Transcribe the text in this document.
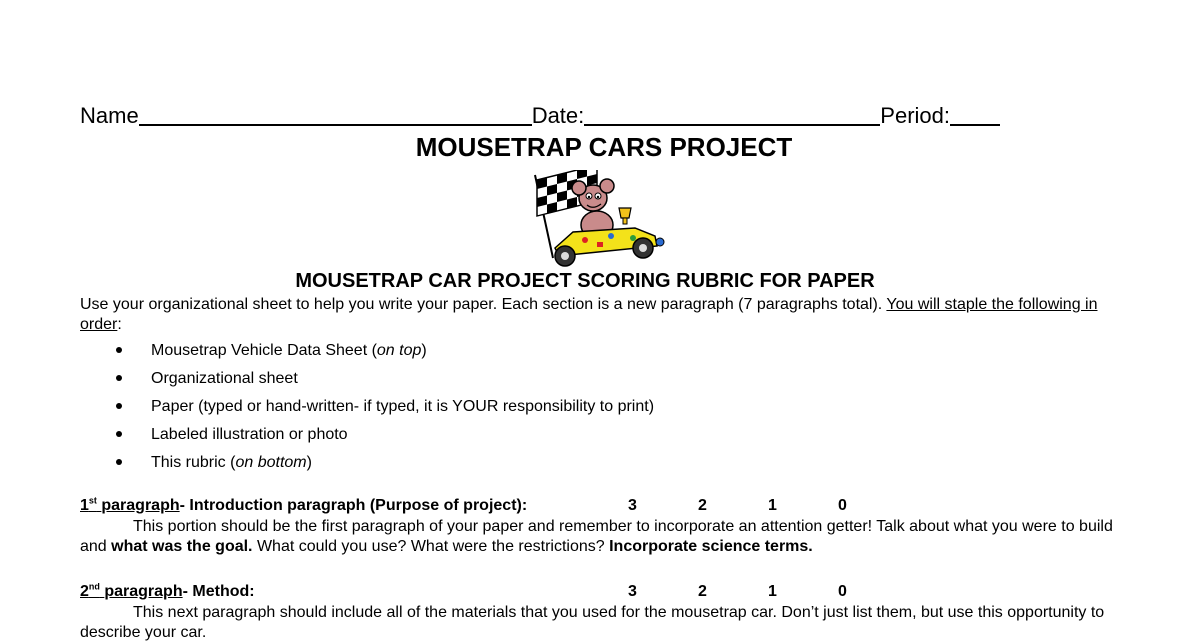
Name	Date:	Period:
MOUSETRAP CARS PROJECT
MOUSETRAP CAR PROJECT SCORING RUBRIC FOR PAPER
Use your organizational sheet to help you write your paper. Each section is a new paragraph (7 paragraphs total). You will staple the following in order:
Mousetrap Vehicle Data Sheet (on top)
Organizational sheet
Paper (typed or hand-written- if typed, it is YOUR responsibility to print)
Labeled illustration or photo
This rubric (on bottom)
1st paragraph- Introduction paragraph (Purpose of project):	3	2	1	0
This portion should be the first paragraph of your paper and remember to incorporate an attention getter! Talk about what you were to build and what was the goal. What could you use? What were the restrictions? Incorporate science terms.
2nd paragraph- Method:	3	2	1	0
This next paragraph should include all of the materials that you used for the mousetrap car. Don’t just list them, but use this opportunity to describe your car.
